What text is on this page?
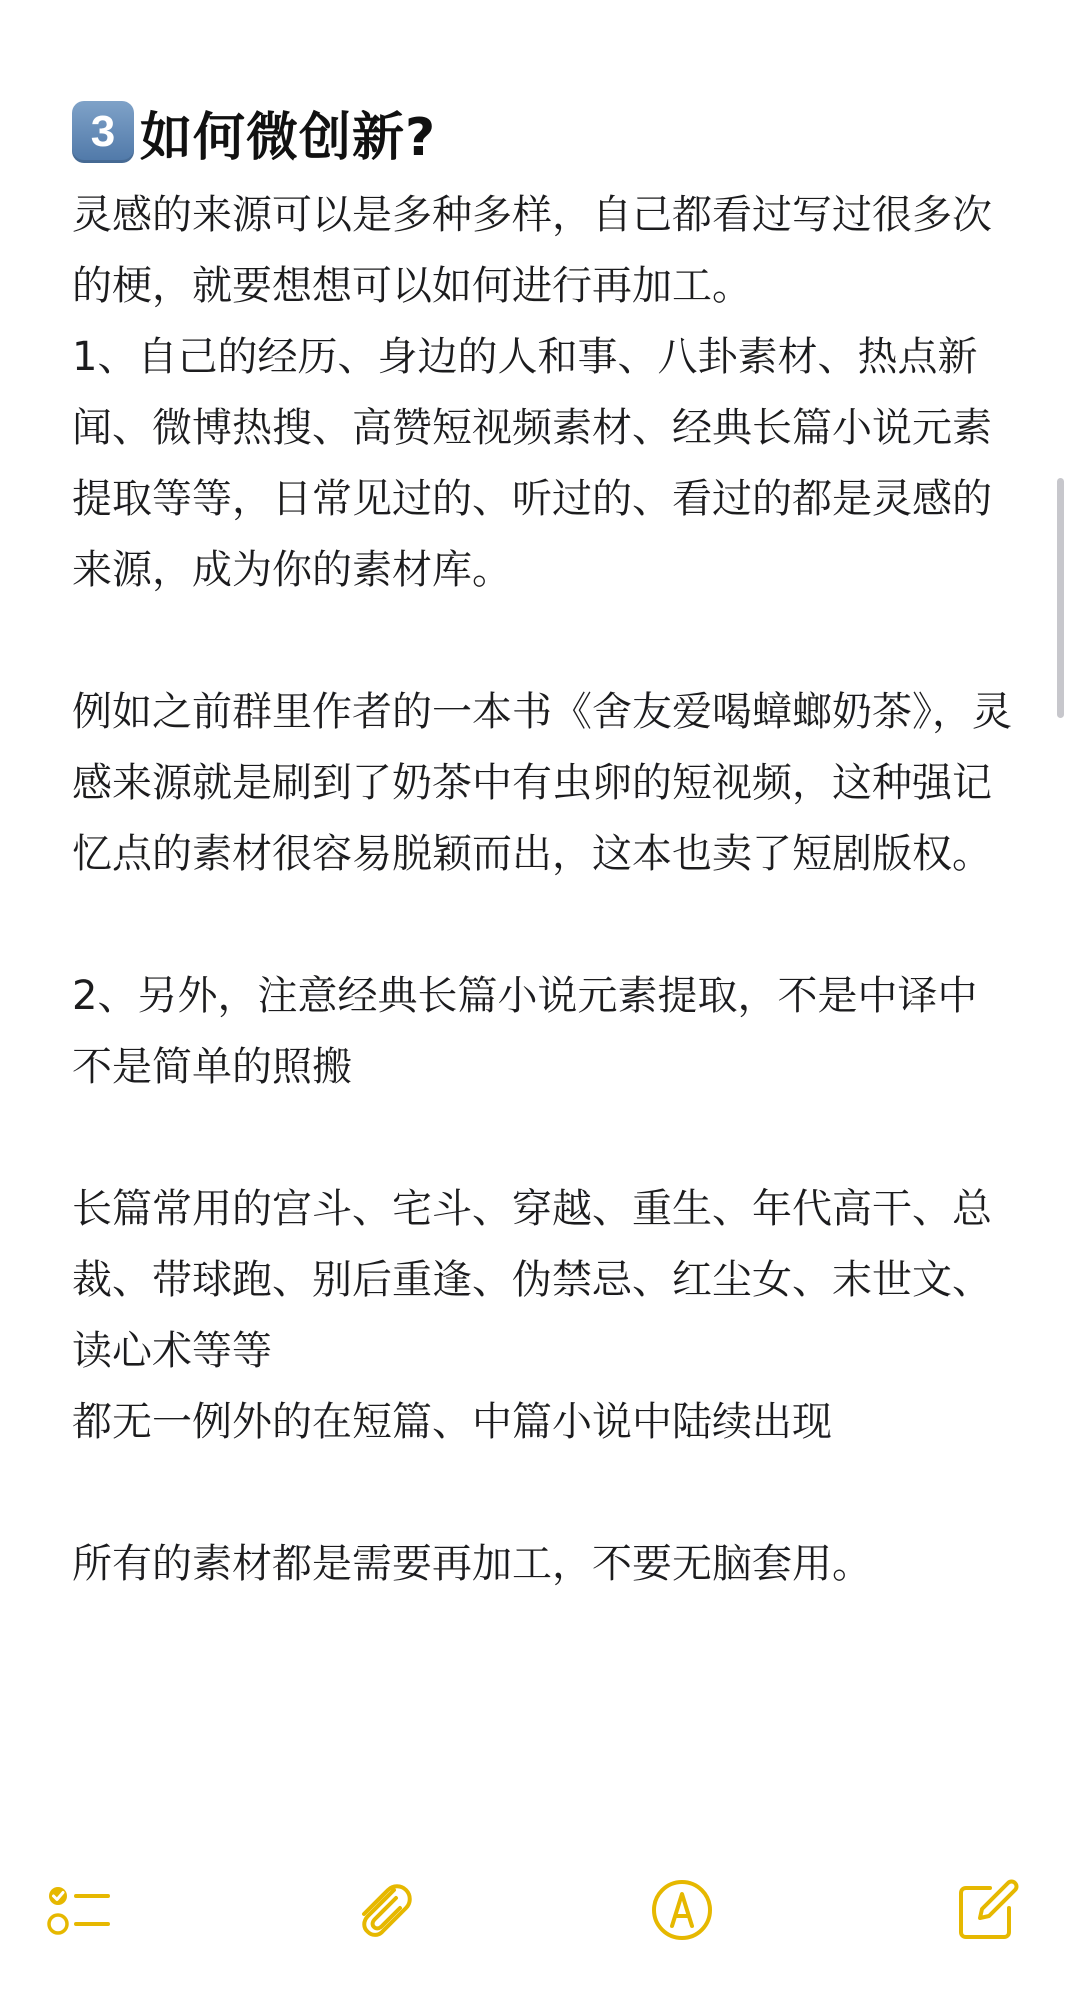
3 如何微创新?

灵感的来源可以是多种多样，自己都看过写过很多次的梗，就要想想可以如何进行再加工。

1、自己的经历、身边的人和事、八卦素材、热点新闻、微博热搜、高赞短视频素材、经典长篇小说元素提取等等，日常见过的、听过的、看过的都是灵感的来源，成为你的素材库。

例如之前群里作者的一本书《舍友爱喝蟑螂奶茶》，灵感来源就是刷到了奶茶中有虫卵的短视频，这种强记忆点的素材很容易脱颖而出，这本也卖了短剧版权。

2、另外，注意经典长篇小说元素提取，不是中译中不是简单的照搬

长篇常用的宫斗、宅斗、穿越、重生、年代高干、总裁、带球跑、别后重逢、伪禁忌、红尘女、末世文、读心术等等

都无一例外的在短篇、中篇小说中陆续出现

所有的素材都是需要再加工，不要无脑套用。
